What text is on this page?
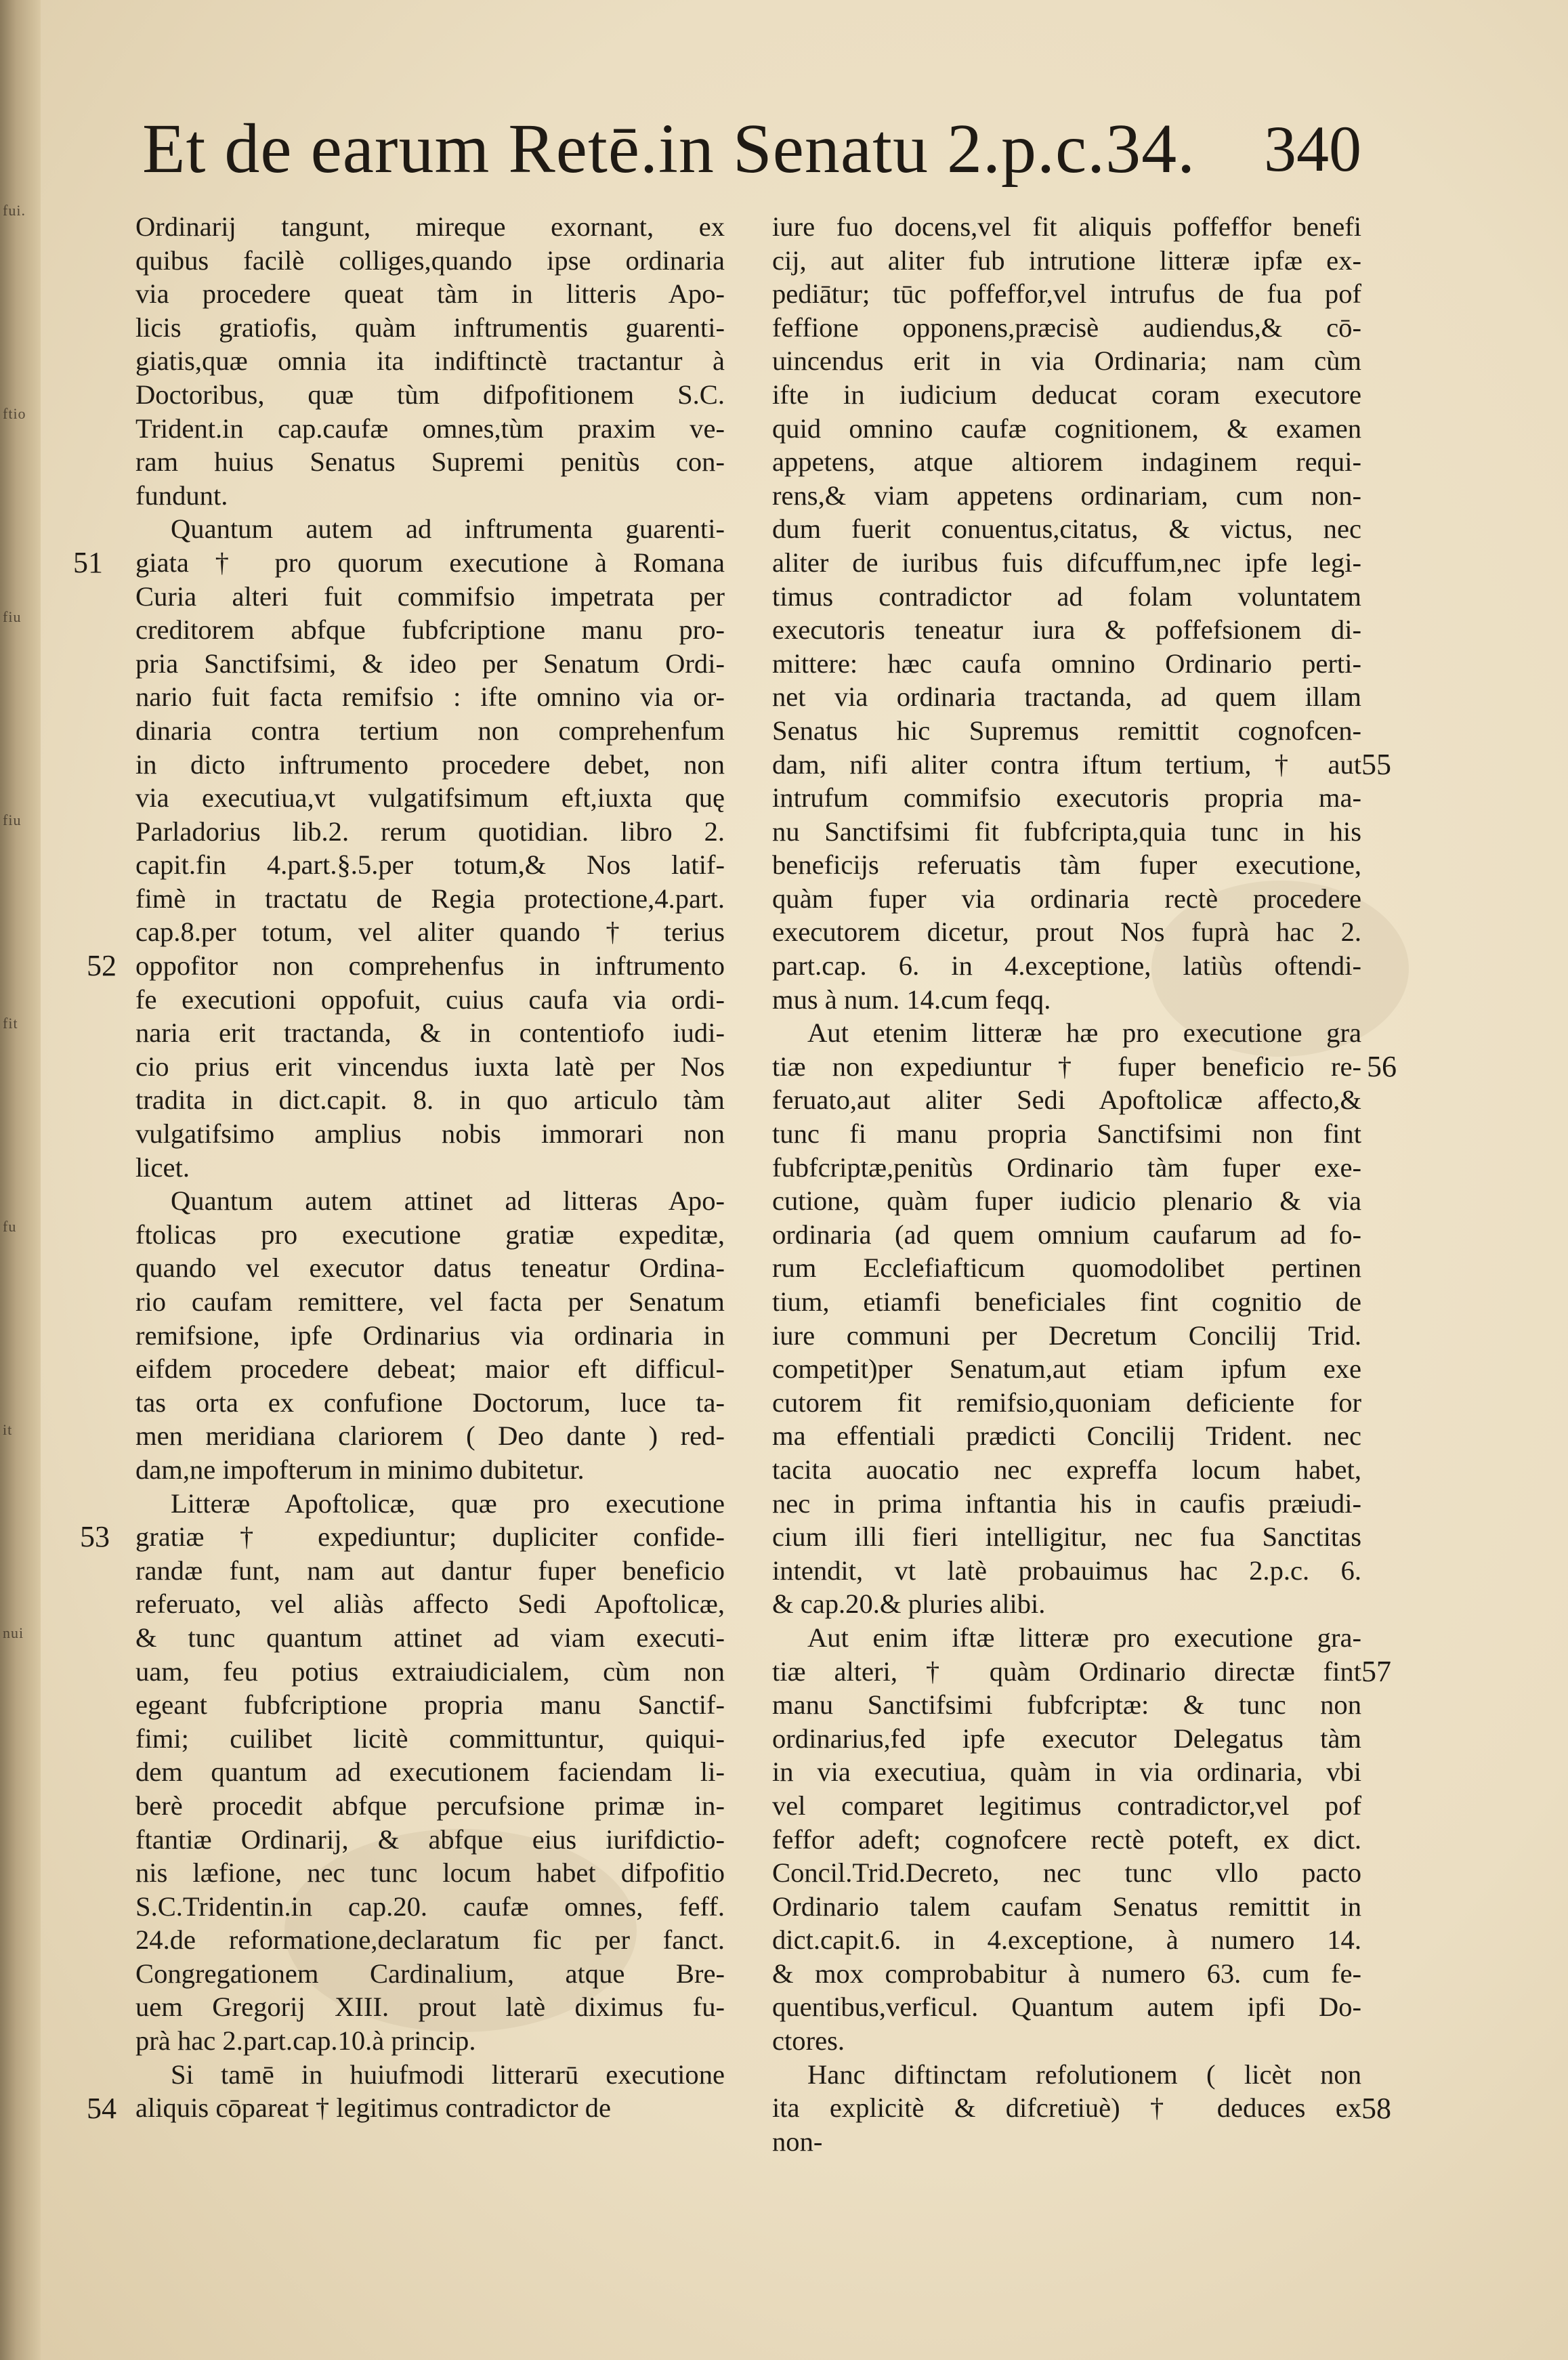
fui.
ftio
fiu
fiu
fit
fu
it
nui
Et de earum Retē.in Senatu 2.p.c.34. 340
Ordinarij tangunt, mireque exornant, ex
quibus facilè colliges,quando ipse ordinaria
via procedere queat tàm in litteris Apo-
licis gratiofis, quàm inftrumentis guarenti-
giatis,quæ omnia ita indiftinctè tractantur à
Doctoribus, quæ tùm difpofitionem S.C.
Trident.in cap.caufæ omnes,tùm praxim ve-
ram huius Senatus Supremi penitùs con-
fundunt.
Quantum autem ad inftrumenta guarenti-
giata † pro quorum executione à Romana
Curia alteri fuit commifsio impetrata per
creditorem abfque fubfcriptione manu pro-
pria Sanctifsimi, & ideo per Senatum Ordi-
nario fuit facta remifsio : ifte omnino via or-
dinaria contra tertium non comprehenfum
in dicto inftrumento procedere debet, non
via executiua,vt vulgatifsimum eft,iuxta quę
Parladorius lib.2. rerum quotidian. libro 2.
capit.fin 4.part.§.5.per totum,& Nos latif-
fimè in tractatu de Regia protectione,4.part.
cap.8.per totum, vel aliter quando † terius
oppofitor non comprehenfus in inftrumento
fe executioni oppofuit, cuius caufa via ordi-
naria erit tractanda, & in contentiofo iudi-
cio prius erit vincendus iuxta latè per Nos
tradita in dict.capit. 8. in quo articulo tàm
vulgatifsimo amplius nobis immorari non
licet.
Quantum autem attinet ad litteras Apo-
ftolicas pro executione gratiæ expeditæ,
quando vel executor datus teneatur Ordina-
rio caufam remittere, vel facta per Senatum
remifsione, ipfe Ordinarius via ordinaria in
eifdem procedere debeat; maior eft difficul-
tas orta ex confufione Doctorum, luce ta-
men meridiana clariorem ( Deo dante ) red-
dam,ne impofterum in minimo dubitetur.
Litteræ Apoftolicæ, quæ pro executione
gratiæ † expediuntur; dupliciter confide-
randæ funt, nam aut dantur fuper beneficio
referuato, vel aliàs affecto Sedi Apoftolicæ,
& tunc quantum attinet ad viam executi-
uam, feu potius extraiudicialem, cùm non
egeant fubfcriptione propria manu Sanctif-
fimi; cuilibet licitè committuntur, quiqui-
dem quantum ad executionem faciendam li-
berè procedit abfque percufsione primæ in-
ftantiæ Ordinarij, & abfque eius iurifdictio-
nis læfione, nec tunc locum habet difpofitio
S.C.Tridentin.in cap.20. caufæ omnes, feff.
24.de reformatione,declaratum fic per fanct.
Congregationem Cardinalium, atque Bre-
uem Gregorij XIII. prout latè diximus fu-
prà hac 2.part.cap.10.à princip.
Si tamē in huiufmodi litterarū executione
aliquis cōpareat † legitimus contradictor de
iure fuo docens,vel fit aliquis poffeffor benefi
cij, aut aliter fub intrutione litteræ ipfæ ex-
pediātur; tūc poffeffor,vel intrufus de fua pof
feffione opponens,præcisè audiendus,& cō-
uincendus erit in via Ordinaria; nam cùm
ifte in iudicium deducat coram executore
quid omnino caufæ cognitionem, & examen
appetens, atque altiorem indaginem requi-
rens,& viam appetens ordinariam, cum non-
dum fuerit conuentus,citatus, & victus, nec
aliter de iuribus fuis difcuffum,nec ipfe legi-
timus contradictor ad folam voluntatem
executoris teneatur iura & poffefsionem di-
mittere: hæc caufa omnino Ordinario perti-
net via ordinaria tractanda, ad quem illam
Senatus hic Supremus remittit cognofcen-
dam, nifi aliter contra iftum tertium, † aut
intrufum commifsio executoris propria ma-
nu Sanctifsimi fit fubfcripta,quia tunc in his
beneficijs referuatis tàm fuper executione,
quàm fuper via ordinaria rectè procedere
executorem dicetur, prout Nos fuprà hac 2.
part.cap. 6. in 4.exceptione, latiùs oftendi-
mus à num. 14.cum feqq.
Aut etenim litteræ hæ pro executione gra
tiæ non expediuntur † fuper beneficio re-
feruato,aut aliter Sedi Apoftolicæ affecto,&
tunc fi manu propria Sanctifsimi non fint
fubfcriptæ,penitùs Ordinario tàm fuper exe-
cutione, quàm fuper iudicio plenario & via
ordinaria (ad quem omnium caufarum ad fo-
rum Ecclefiafticum quomodolibet pertinen
tium, etiamfi beneficiales fint cognitio de
iure communi per Decretum Concilij Trid.
competit)per Senatum,aut etiam ipfum exe
cutorem fit remifsio,quoniam deficiente for
ma effentiali prædicti Concilij Trident. nec
tacita auocatio nec expreffa locum habet,
nec in prima inftantia his in caufis præiudi-
cium illi fieri intelligitur, nec fua Sanctitas
intendit, vt latè probauimus hac 2.p.c. 6.
& cap.20.& pluries alibi.
Aut enim iftæ litteræ pro executione gra-
tiæ alteri, † quàm Ordinario directæ fint
manu Sanctifsimi fubfcriptæ: & tunc non
ordinarius,fed ipfe executor Delegatus tàm
in via executiua, quàm in via ordinaria, vbi
vel comparet legitimus contradictor,vel pof
feffor adeft; cognofcere rectè poteft, ex dict.
Concil.Trid.Decreto, nec tunc vllo pacto
Ordinario talem caufam Senatus remittit in
dict.capit.6. in 4.exceptione, à numero 14.
& mox comprobabitur à numero 63. cum fe-
quentibus,verficul. Quantum autem ipfi Do-
ctores.
Hanc diftinctam refolutionem ( licèt non
ita explicitè & difcretiuè) † deduces ex
non-
51
52
53
54
55
56
57
58
